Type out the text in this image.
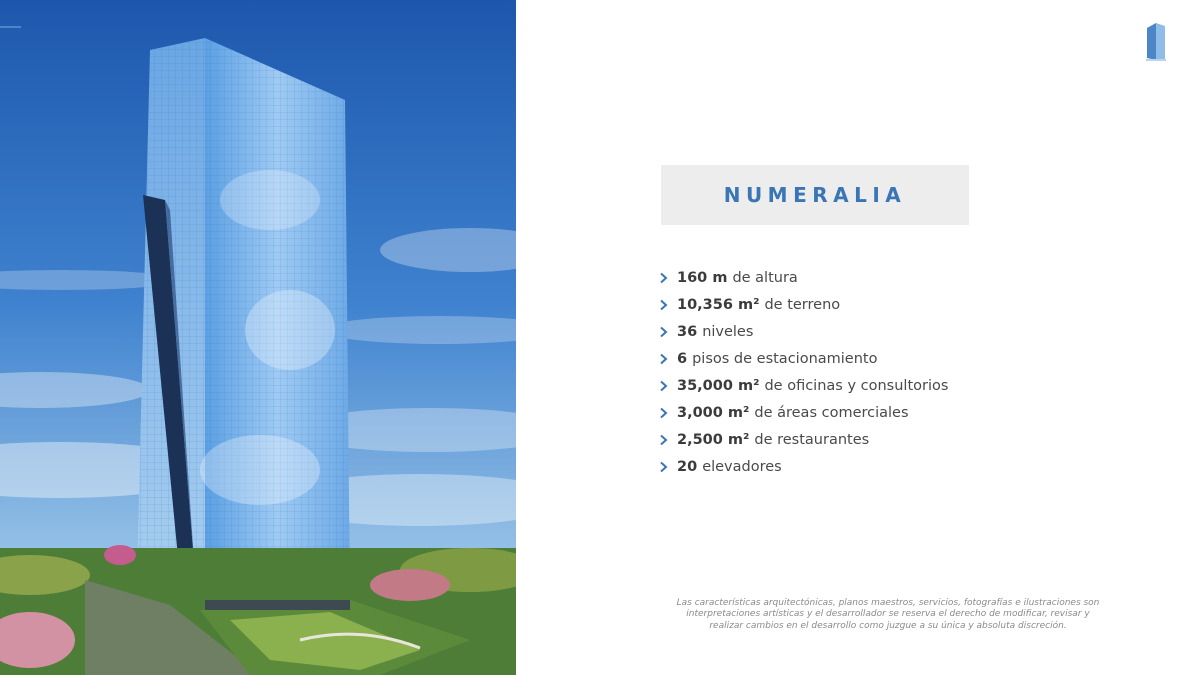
NUMERALIA
160 m de altura
10,356 m² de terreno
36 niveles
6 pisos de estacionamiento
35,000 m² de oficinas y consultorios
3,000 m² de áreas comerciales
2,500 m² de restaurantes
20 elevadores

Las características arquitectónicas, planos maestros, servicios, fotografías e ilustraciones son interpretaciones artísticas y el desarrollador se reserva el derecho de modificar, revisar y realizar cambios en el desarrollo como juzgue a su única y absoluta discreción.
